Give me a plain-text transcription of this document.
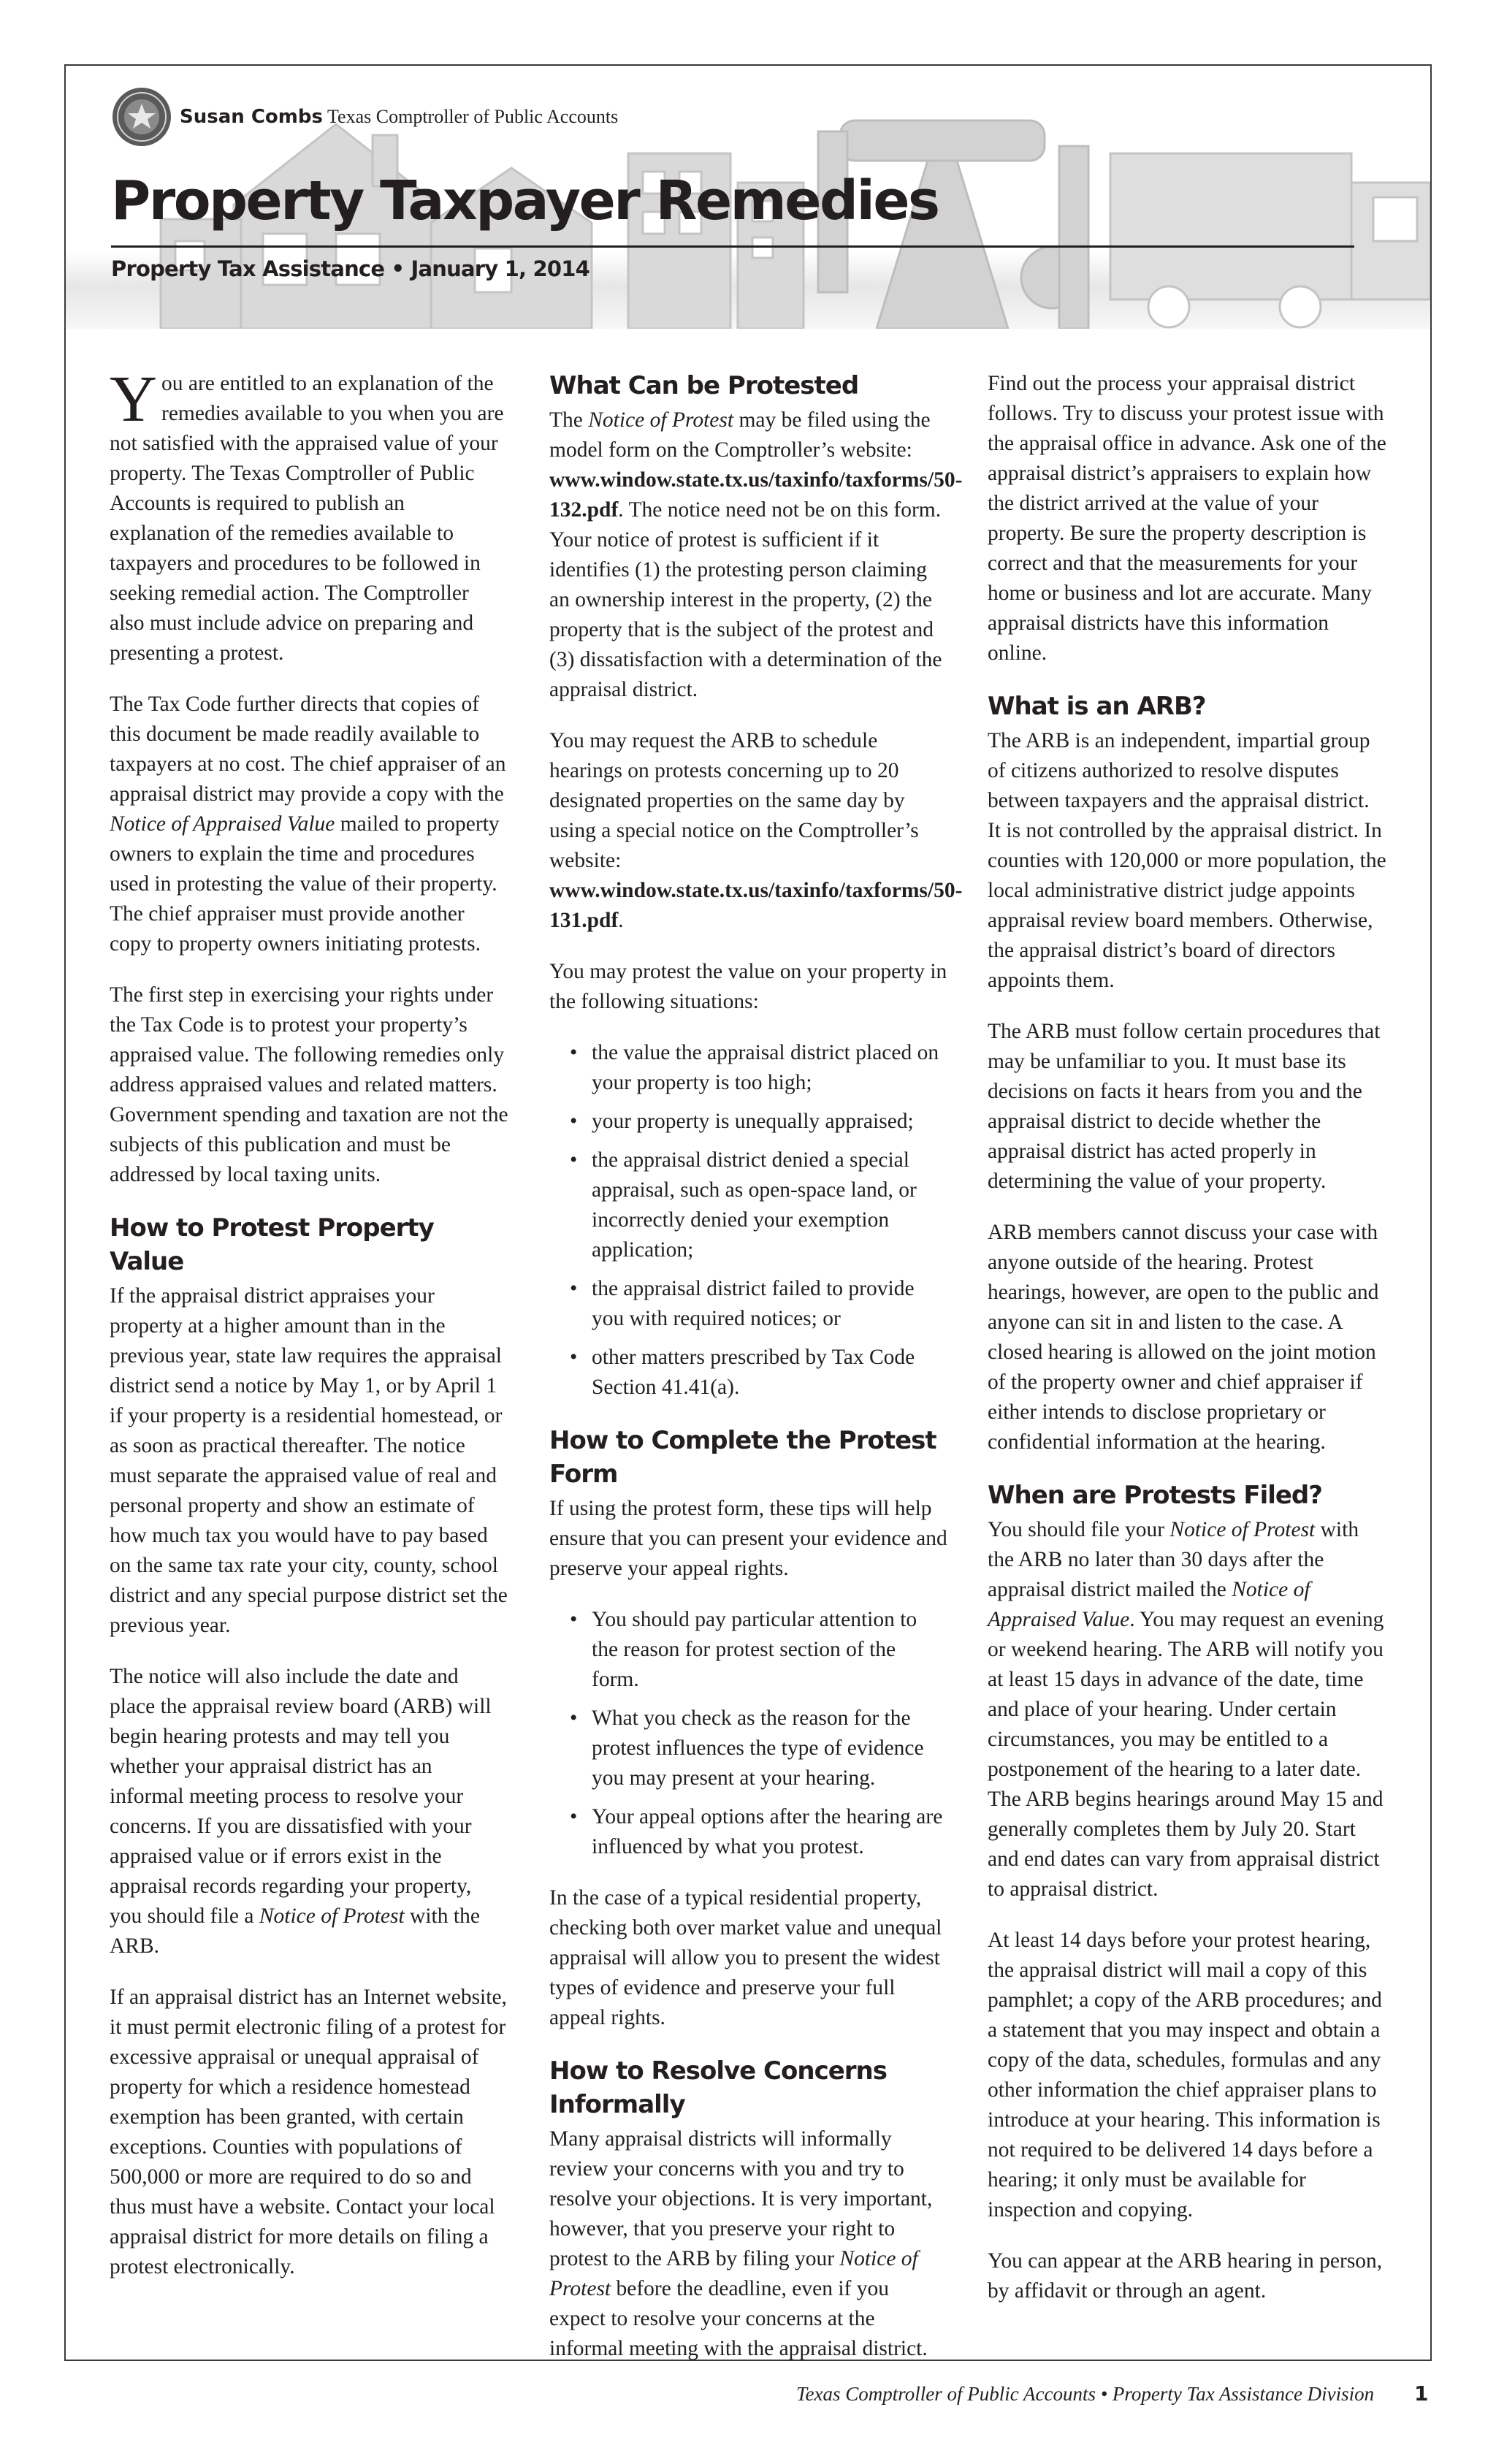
Susan Combs Texas Comptroller of Public Accounts
Property Taxpayer Remedies
Property Tax Assistance • January 1, 2014

You are entitled to an explanation of the remedies available to you when you are not satisfied with the appraised value of your property. The Texas Comptroller of Public Accounts is required to publish an explanation of the remedies available to taxpayers and procedures to be followed in seeking remedial action. The Comptroller also must include advice on preparing and presenting a protest.

The Tax Code further directs that copies of this document be made readily available to taxpayers at no cost. The chief appraiser of an appraisal district may provide a copy with the Notice of Appraised Value mailed to property owners to explain the time and procedures used in protesting the value of their property. The chief appraiser must provide another copy to property owners initiating protests.

The first step in exercising your rights under the Tax Code is to protest your property’s appraised value. The following remedies only address appraised values and related matters. Government spending and taxation are not the subjects of this publication and must be addressed by local taxing units.

How to Protest Property Value

If the appraisal district appraises your property at a higher amount than in the previous year, state law requires the appraisal district send a notice by May 1, or by April 1 if your property is a residential homestead, or as soon as practical thereafter. The notice must separate the appraised value of real and personal property and show an estimate of how much tax you would have to pay based on the same tax rate your city, county, school district and any special purpose district set the previous year.

The notice will also include the date and place the appraisal review board (ARB) will begin hearing protests and may tell you whether your appraisal district has an informal meeting process to resolve your concerns. If you are dissatisfied with your appraised value or if errors exist in the appraisal records regarding your property, you should file a Notice of Protest with the ARB.

If an appraisal district has an Internet website, it must permit electronic filing of a protest for excessive appraisal or unequal appraisal of property for which a residence homestead exemption has been granted, with certain exceptions. Counties with populations of 500,000 or more are required to do so and thus must have a website. Contact your local appraisal district for more details on filing a protest electronically.

What Can be Protested

The Notice of Protest may be filed using the model form on the Comptroller’s website: www.window.state.tx.us/taxinfo/taxforms/50-132.pdf. The notice need not be on this form. Your notice of protest is sufficient if it identifies (1) the protesting person claiming an ownership interest in the property, (2) the property that is the subject of the protest and (3) dissatisfaction with a determination of the appraisal district.

You may request the ARB to schedule hearings on protests concerning up to 20 designated properties on the same day by using a special notice on the Comptroller’s website: www.window.state.tx.us/taxinfo/taxforms/50-131.pdf.

You may protest the value on your property in the following situations:

• the value the appraisal district placed on your property is too high;
• your property is unequally appraised;
• the appraisal district denied a special appraisal, such as open-space land, or incorrectly denied your exemption application;
• the appraisal district failed to provide you with required notices; or
• other matters prescribed by Tax Code Section 41.41(a).
How to Complete the Protest Form

If using the protest form, these tips will help ensure that you can present your evidence and preserve your appeal rights.

• You should pay particular attention to the reason for protest section of the form.
• What you check as the reason for the protest influences the type of evidence you may present at your hearing.
• Your appeal options after the hearing are influenced by what you protest.

In the case of a typical residential property, checking both over market value and unequal appraisal will allow you to present the widest types of evidence and preserve your full appeal rights.

How to Resolve Concerns Informally

Many appraisal districts will informally review your concerns with you and try to resolve your objections. It is very important, however, that you preserve your right to protest to the ARB by filing your Notice of Protest before the deadline, even if you expect to resolve your concerns at the informal meeting with the appraisal district.

Find out the process your appraisal district follows. Try to discuss your protest issue with the appraisal office in advance. Ask one of the appraisal district’s appraisers to explain how the district arrived at the value of your property. Be sure the property description is correct and that the measurements for your home or business and lot are accurate. Many appraisal districts have this information online.

What is an ARB?

The ARB is an independent, impartial group of citizens authorized to resolve disputes between taxpayers and the appraisal district. It is not controlled by the appraisal district. In counties with 120,000 or more population, the local administrative district judge appoints appraisal review board members. Otherwise, the appraisal district’s board of directors appoints them.

The ARB must follow certain procedures that may be unfamiliar to you. It must base its decisions on facts it hears from you and the appraisal district to decide whether the appraisal district has acted properly in determining the value of your property.

ARB members cannot discuss your case with anyone outside of the hearing. Protest hearings, however, are open to the public and anyone can sit in and listen to the case. A closed hearing is allowed on the joint motion of the property owner and chief appraiser if either intends to disclose proprietary or confidential information at the hearing.

When are Protests Filed?

You should file your Notice of Protest with the ARB no later than 30 days after the appraisal district mailed the Notice of Appraised Value. You may request an evening or weekend hearing. The ARB will notify you at least 15 days in advance of the date, time and place of your hearing. Under certain circumstances, you may be entitled to a postponement of the hearing to a later date. The ARB begins hearings around May 15 and generally completes them by July 20. Start and end dates can vary from appraisal district to appraisal district.

At least 14 days before your protest hearing, the appraisal district will mail a copy of this pamphlet; a copy of the ARB procedures; and a statement that you may inspect and obtain a copy of the data, schedules, formulas and any other information the chief appraiser plans to introduce at your hearing. This information is not required to be delivered 14 days before a hearing; it only must be available for inspection and copying.

You can appear at the ARB hearing in person, by affidavit or through an agent.

Texas Comptroller of Public Accounts • Property Tax Assistance Division 1
